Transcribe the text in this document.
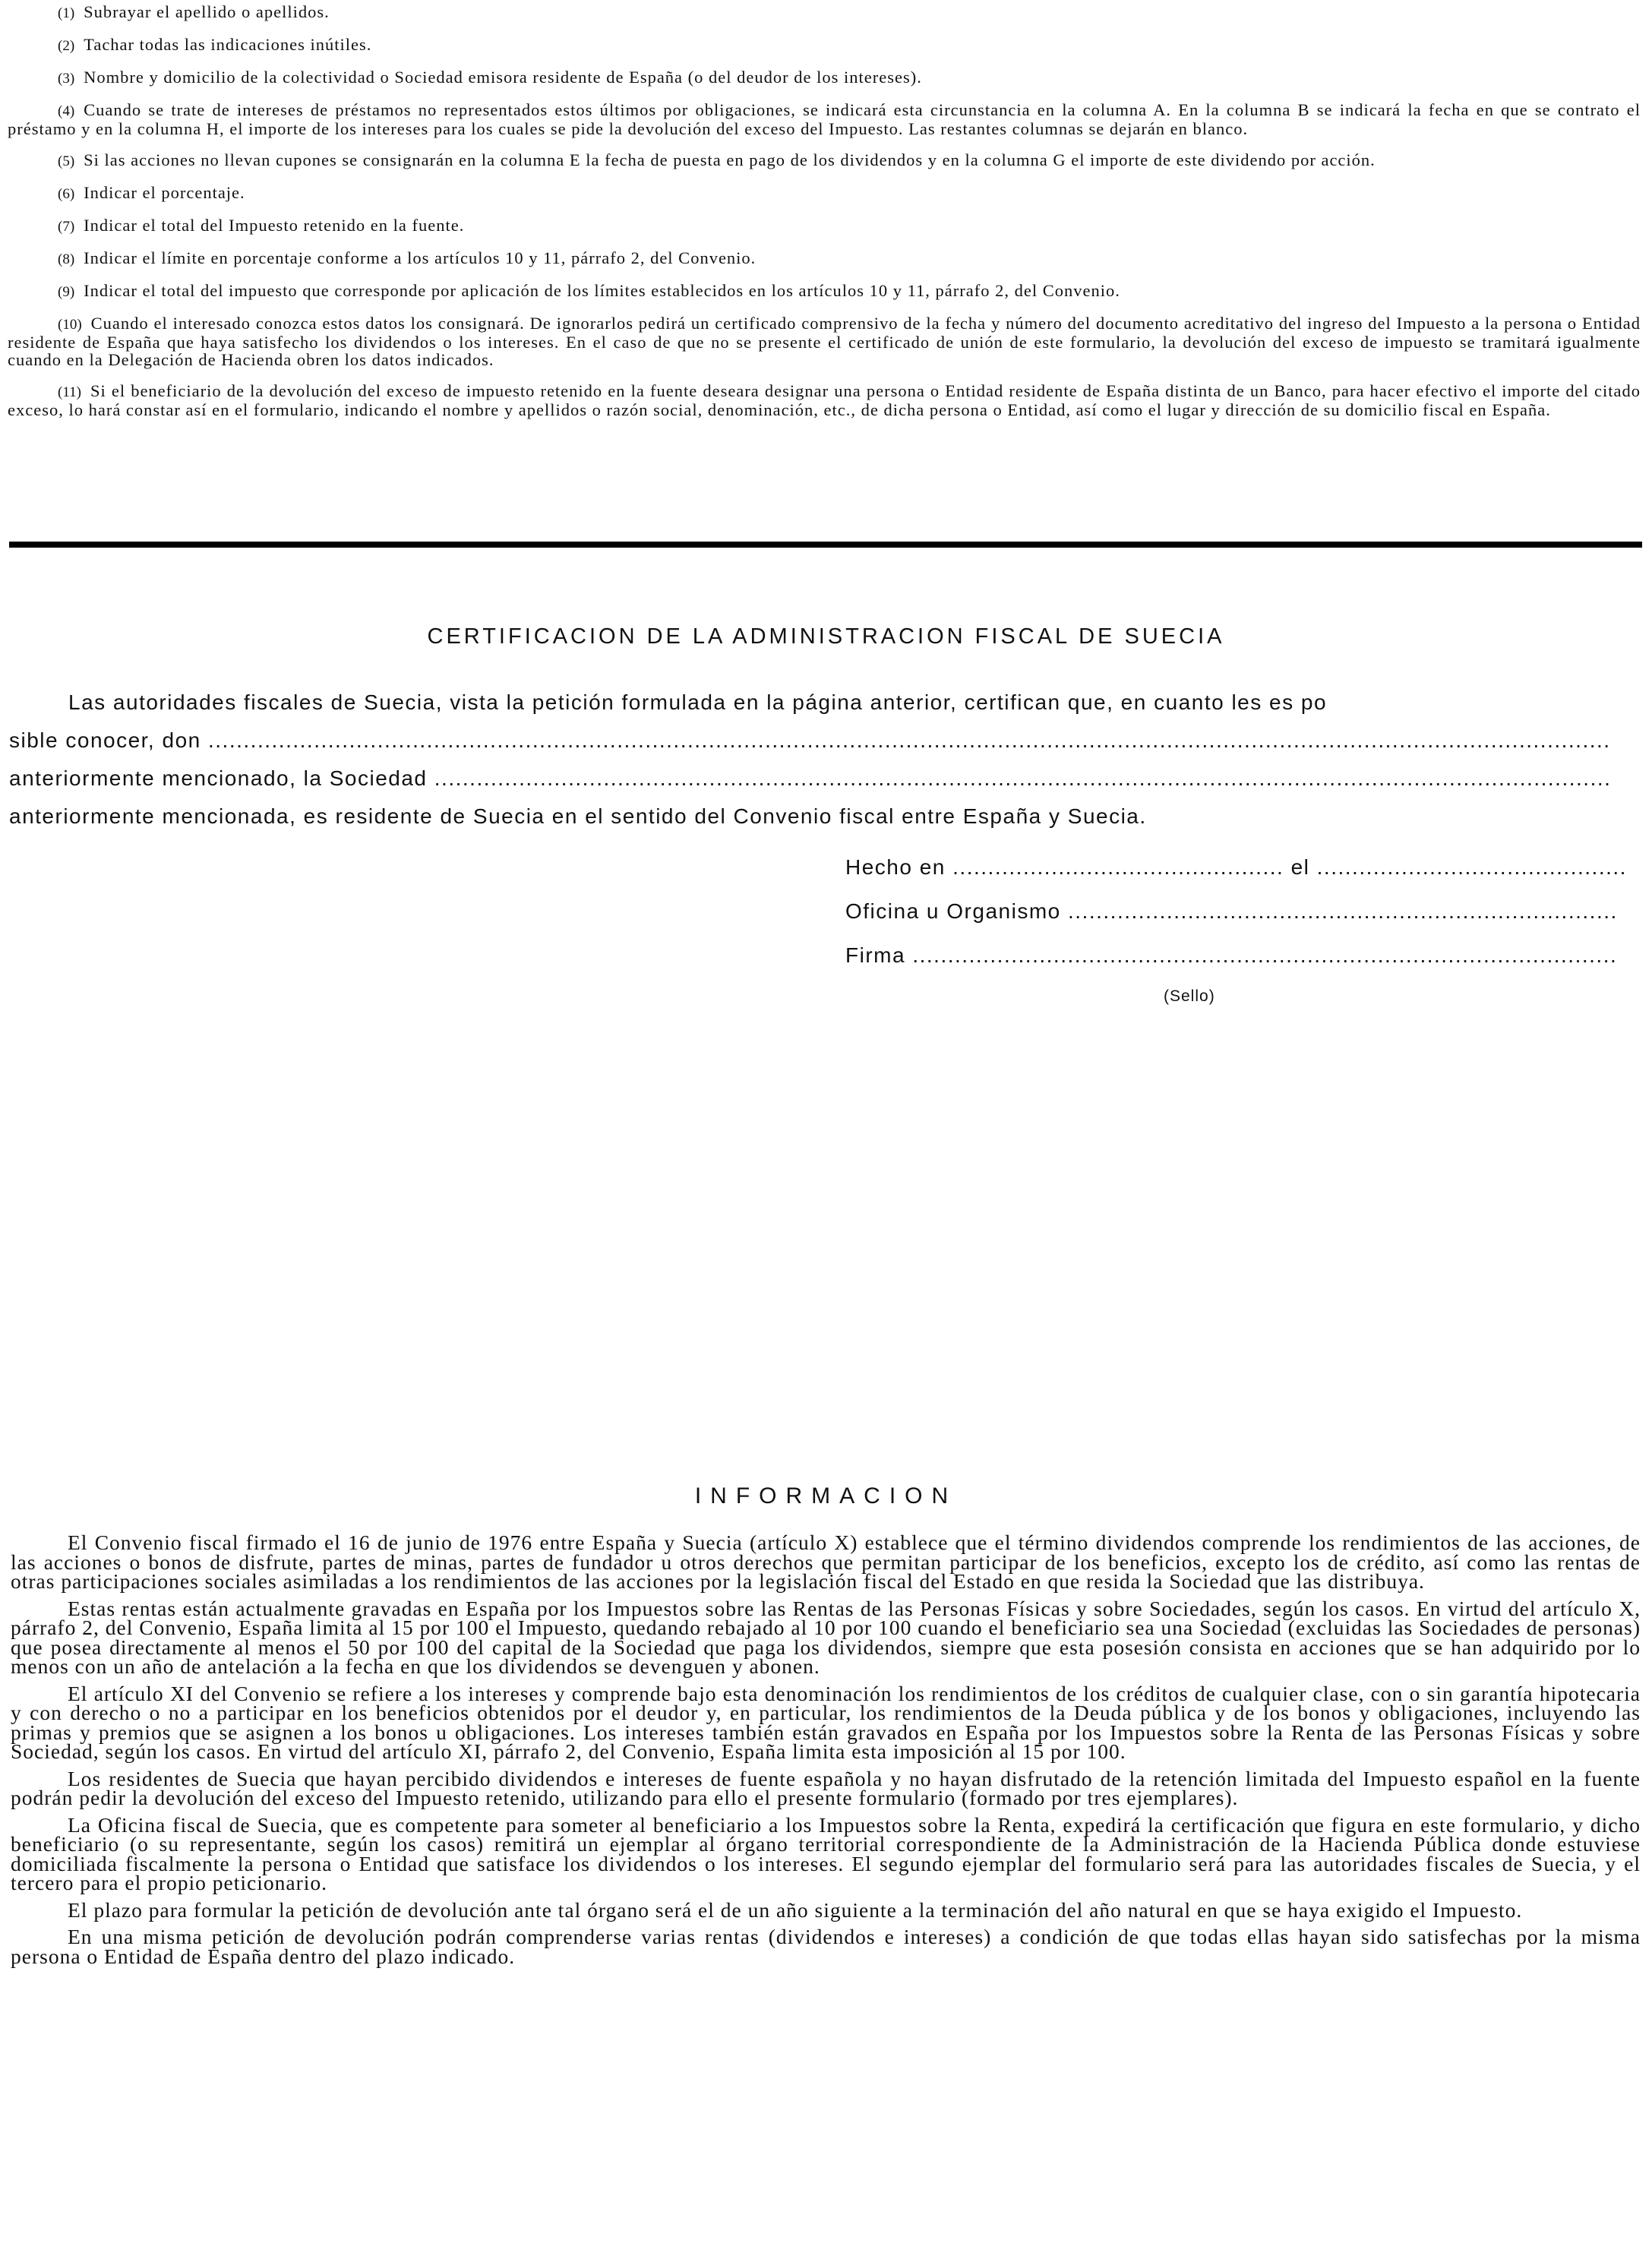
(1) Subrayar el apellido o apellidos.

(2) Tachar todas las indicaciones inútiles.

(3) Nombre y domicilio de la colectividad o Sociedad emisora residente de España (o del deudor de los intereses).

(4) Cuando se trate de intereses de préstamos no representados estos últimos por obligaciones, se indicará esta circunstancia en la columna A. En la columna B se indicará la fecha en que se contrato el préstamo y en la columna H, el importe de los intereses para los cuales se pide la devolución del exceso del Impuesto. Las restantes columnas se dejarán en blanco.

(5) Si las acciones no llevan cupones se consignarán en la columna E la fecha de puesta en pago de los dividendos y en la columna G el importe de este dividendo por acción.

(6) Indicar el porcentaje.

(7) Indicar el total del Impuesto retenido en la fuente.

(8) Indicar el límite en porcentaje conforme a los artículos 10 y 11, párrafo 2, del Convenio.

(9) Indicar el total del impuesto que corresponde por aplicación de los límites establecidos en los artículos 10 y 11, párrafo 2, del Convenio.

(10) Cuando el interesado conozca estos datos los consignará. De ignorarlos pedirá un certificado comprensivo de la fecha y número del documento acreditativo del ingreso del Impuesto a la persona o Entidad residente de España que haya satisfecho los dividendos o los intereses. En el caso de que no se presente el certificado de unión de este formulario, la devolución del exceso de impuesto se tramitará igualmente cuando en la Delegación de Hacienda obren los datos indicados.

(11) Si el beneficiario de la devolución del exceso de impuesto retenido en la fuente deseara designar una persona o Entidad residente de España distinta de un Banco, para hacer efectivo el importe del citado exceso, lo hará constar así en el formulario, indicando el nombre y apellidos o razón social, denominación, etc., de dicha persona o Entidad, así como el lugar y dirección de su domicilio fiscal en España.

CERTIFICACION DE LA ADMINISTRACION FISCAL DE SUECIA
Las autoridades fiscales de Suecia, vista la petición formulada en la página anterior, certifican que, en cuanto les es po
sible conocer, don .......................................................................................................................................................................................................
anteriormente mencionado, la Sociedad .......................................................................................................................................................................
anteriormente mencionada, es residente de Suecia en el sentido del Convenio fiscal entre España y Suecia.
Hecho en ............................................... el ............................................
Oficina u Organismo ..............................................................................
Firma ....................................................................................................
(Sello)
INFORMACION

El Convenio fiscal firmado el 16 de junio de 1976 entre España y Suecia (artículo X) establece que el término dividendos comprende los rendimientos de las acciones, de las acciones o bonos de disfrute, partes de minas, partes de fundador u otros derechos que permitan participar de los beneficios, excepto los de crédito, así como las rentas de otras participaciones sociales asimiladas a los rendimientos de las acciones por la legislación fiscal del Estado en que resida la Sociedad que las distribuya.

Estas rentas están actualmente gravadas en España por los Impuestos sobre las Rentas de las Personas Físicas y sobre Sociedades, según los casos. En virtud del artículo X, párrafo 2, del Convenio, España limita al 15 por 100 el Impuesto, quedando rebajado al 10 por 100 cuando el beneficiario sea una Sociedad (excluidas las Sociedades de personas) que posea directamente al menos el 50 por 100 del capital de la Sociedad que paga los dividendos, siempre que esta posesión consista en acciones que se han adquirido por lo menos con un año de antelación a la fecha en que los dividendos se devenguen y abonen.

El artículo XI del Convenio se refiere a los intereses y comprende bajo esta denominación los rendimientos de los créditos de cualquier clase, con o sin garantía hipotecaria y con derecho o no a participar en los beneficios obtenidos por el deudor y, en particular, los rendimientos de la Deuda pública y de los bonos y obligaciones, incluyendo las primas y premios que se asignen a los bonos u obligaciones. Los intereses también están gravados en España por los Impuestos sobre la Renta de las Personas Físicas y sobre Sociedad, según los casos. En virtud del artículo XI, párrafo 2, del Convenio, España limita esta imposición al 15 por 100.

Los residentes de Suecia que hayan percibido dividendos e intereses de fuente española y no hayan disfrutado de la retención limitada del Impuesto español en la fuente podrán pedir la devolución del exceso del Impuesto retenido, utilizando para ello el presente formulario (formado por tres ejemplares).

La Oficina fiscal de Suecia, que es competente para someter al beneficiario a los Impuestos sobre la Renta, expedirá la certificación que figura en este formulario, y dicho beneficiario (o su representante, según los casos) remitirá un ejemplar al órgano territorial correspondiente de la Administración de la Hacienda Pública donde estuviese domiciliada fiscalmente la persona o Entidad que satisface los dividendos o los intereses. El segundo ejemplar del formulario será para las autoridades fiscales de Suecia, y el tercero para el propio peticionario.

El plazo para formular la petición de devolución ante tal órgano será el de un año siguiente a la terminación del año natural en que se haya exigido el Impuesto.

En una misma petición de devolución podrán comprenderse varias rentas (dividendos e intereses) a condición de que todas ellas hayan sido satisfechas por la misma persona o Entidad de España dentro del plazo indicado.
